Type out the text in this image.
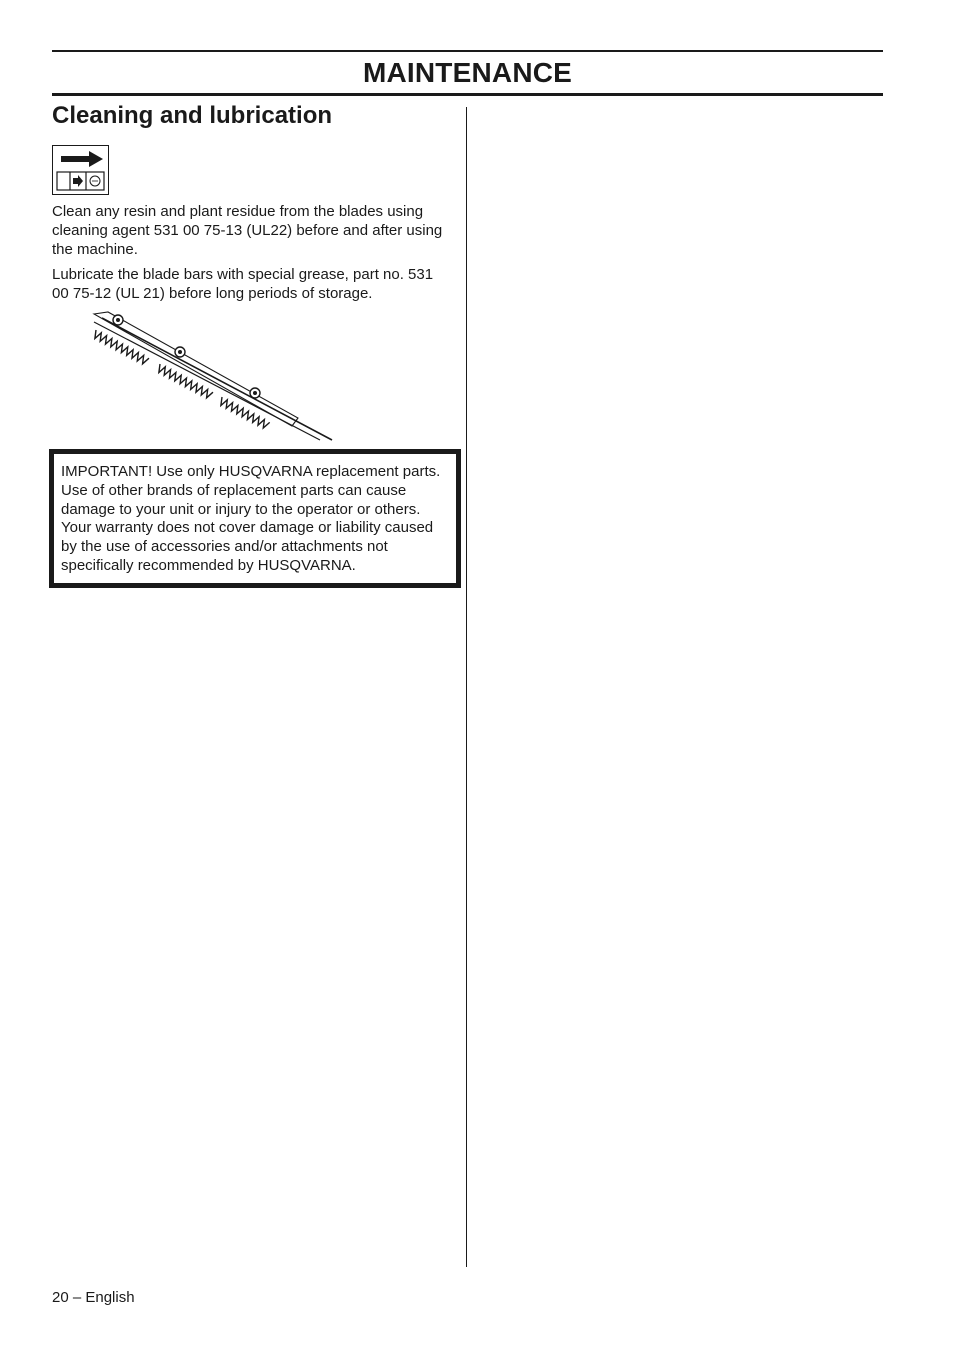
MAINTENANCE
Cleaning and lubrication

Clean any resin and plant residue from the blades using cleaning agent 531 00 75-13 (UL22) before and after using the machine.

Lubricate the blade bars with special grease, part no. 531 00 75-12 (UL 21) before long periods of storage.

IMPORTANT! Use only HUSQVARNA replacement parts. Use of other brands of replacement parts can cause damage to your unit or injury to the operator or others. Your warranty does not cover damage or liability caused by the use of accessories and/or attachments not specifically recommended by HUSQVARNA.

20 – English
